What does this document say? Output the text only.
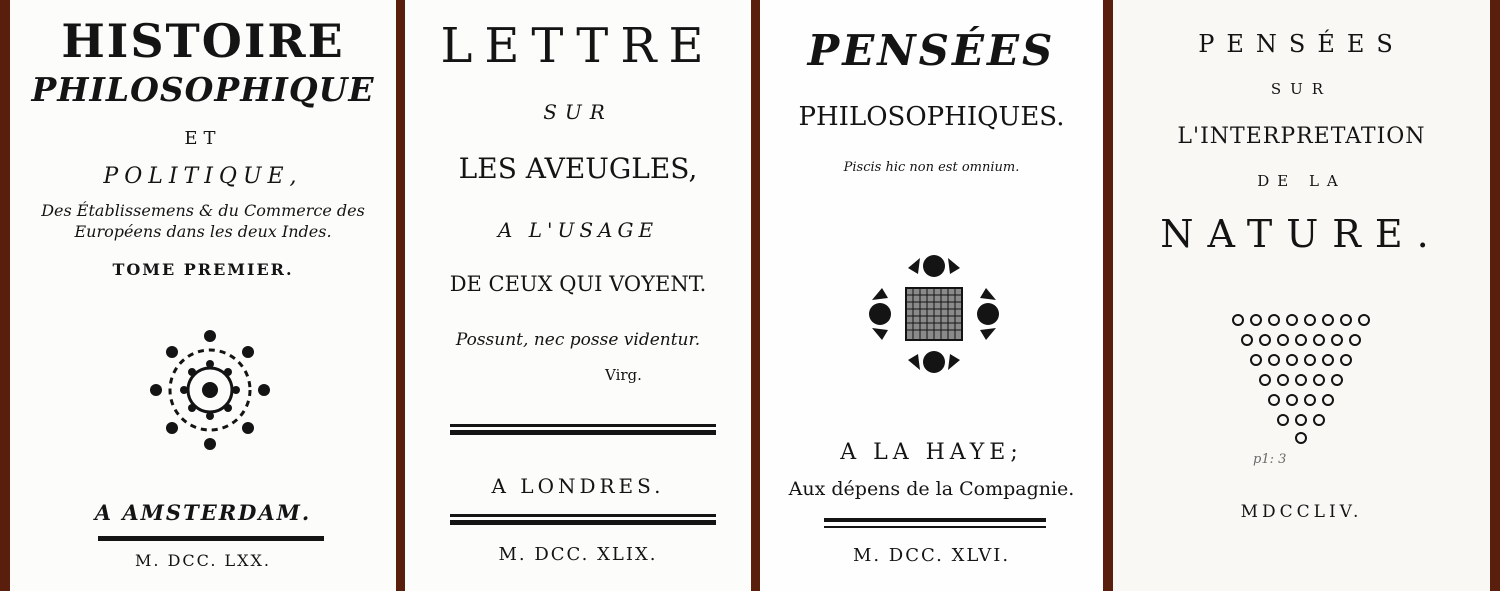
HISTOIRE

PHILOSOPHIQUE

ET

POLITIQUE,

Des Établissemens & du Commerce des

Européens dans les deux Indes.

TOME PREMIER.

A AMSTERDAM.

M. DCC. LXX.

LETTRE

SUR

LES AVEUGLES,

A L'USAGE

DE CEUX QUI VOYENT.

Possunt, nec posse videntur.

Virg.

A LONDRES.

M. DCC. XLIX.

PENSÉES

PHILOSOPHIQUES.

Piscis hic non est omnium.

A LA HAYE;

Aux dépens de la Compagnie.

M. DCC. XLVI.

PENSÉES

SUR

L'INTERPRETATION

DE LA

NATURE.

p1: 3

MDCCLIV.
